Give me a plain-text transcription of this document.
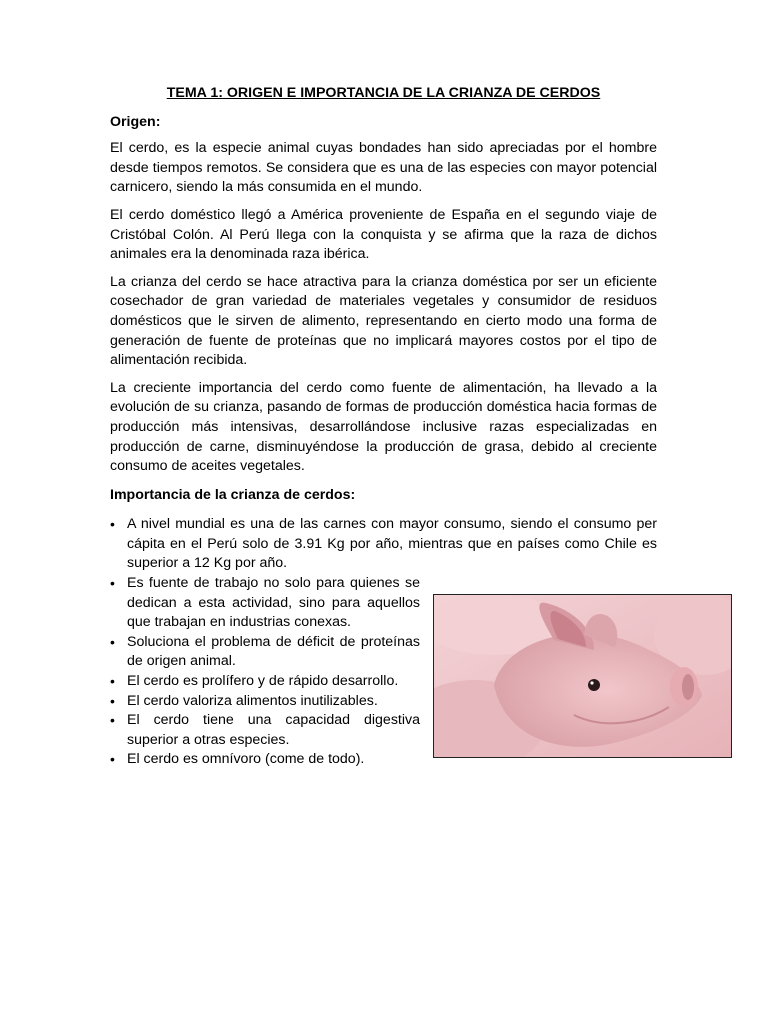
TEMA 1: ORIGEN E IMPORTANCIA DE LA CRIANZA DE CERDOS
Origen:

El cerdo, es la especie animal cuyas bondades han sido apreciadas por el hombre desde tiempos remotos. Se considera que es una de las especies con mayor potencial carnicero, siendo la más consumida en el mundo.

El cerdo doméstico llegó a América proveniente de España en el segundo viaje de Cristóbal Colón. Al Perú llega con la conquista y se afirma que la raza de dichos animales era la denominada raza ibérica.

La crianza del cerdo se hace atractiva para la crianza doméstica por ser un eficiente cosechador de gran variedad de materiales vegetales y consumidor de residuos domésticos que le sirven de alimento, representando en cierto modo una forma de generación de fuente de proteínas que no implicará mayores costos por el tipo de alimentación recibida.

La creciente importancia del cerdo como fuente de alimentación, ha llevado a la evolución de su crianza, pasando de formas de producción doméstica hacia formas de producción más intensivas, desarrollándose inclusive razas especializadas en producción de carne, disminuyéndose la producción de grasa, debido al creciente consumo de aceites vegetales.

Importancia de la crianza de cerdos:
• A nivel mundial es una de las carnes con mayor consumo, siendo el consumo per cápita en el Perú solo de 3.91 Kg por año, mientras que en países como Chile es superior a 12 Kg por año.
• Es fuente de trabajo no solo para quienes se dedican a esta actividad, sino para aquellos que trabajan en industrias conexas.
• Soluciona el problema de déficit de proteínas de origen animal.
• El cerdo es prolífero y de rápido desarrollo.
• El cerdo valoriza alimentos inutilizables.
• El cerdo tiene una capacidad digestiva superior a otras especies.
• El cerdo es omnívoro (come de todo).
